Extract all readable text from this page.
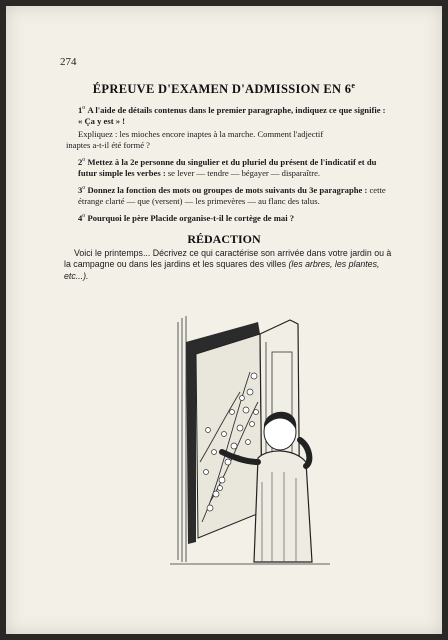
274
ÉPREUVE D'EXAMEN D'ADMISSION EN 6e
1$^o$ A l'aide de détails contenus dans le premier paragraphe, indiquez ce que signifie : « Ça y est » !
Expliquez : les mioches encore inaptes à la marche. Comment l'adjectif
inaptes a-t-il été formé ?
2$^o$ Mettez à la 2e personne du singulier et du pluriel du présent de l'indicatif et du futur simple les verbes : se lever — tendre — bégayer — disparaître.
3$^o$ Donnez la fonction des mots ou groupes de mots suivants du 3e paragraphe : cette étrange clarté — que (versent) — les primevères — au flanc des talus.
4$^o$ Pourquoi le père Placide organise-t-il le cortège de mai ?
RÉDACTION
Voici le printemps... Décrivez ce qui caractérise son arrivée dans votre jardin ou à la campagne ou dans les jardins et les squares des villes (les arbres, les plantes, etc...).
